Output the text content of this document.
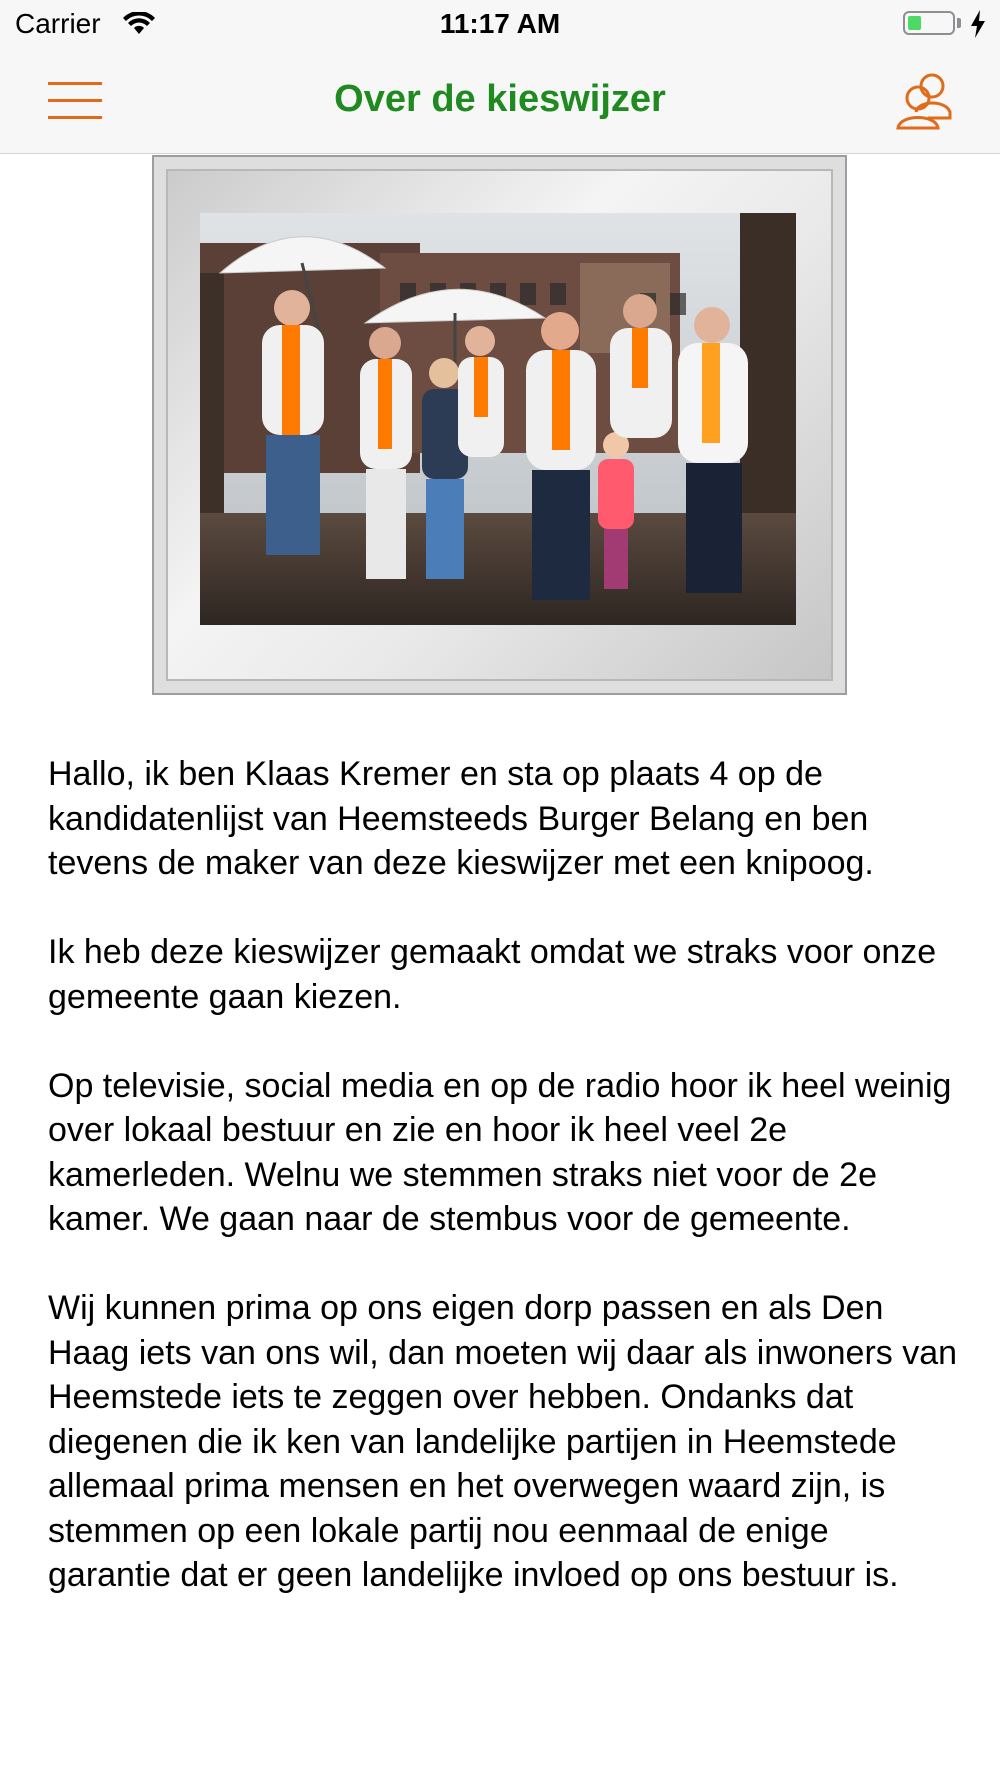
Carrier	11:17 AM
Over de kieswijzer

Hallo, ik ben Klaas Kremer en sta op plaats 4 op de kandidatenlijst van Heemsteeds Burger Belang en ben tevens de maker van deze kieswijzer met een knipoog.

Ik heb deze kieswijzer gemaakt omdat we straks voor onze gemeente gaan kiezen.

Op televisie, social media en op de radio hoor ik heel weinig over lokaal bestuur en zie en hoor ik heel veel 2e kamerleden. Welnu we stemmen straks niet voor de 2e kamer. We gaan naar de stembus voor de gemeente.

Wij kunnen prima op ons eigen dorp passen en als Den Haag iets van ons wil, dan moeten wij daar als inwoners van Heemstede iets te zeggen over hebben. Ondanks dat diegenen die ik ken van landelijke partijen in Heemstede allemaal prima mensen en het overwegen waard zijn, is stemmen op een lokale partij nou eenmaal de enige garantie dat er geen landelijke invloed op ons bestuur is.
